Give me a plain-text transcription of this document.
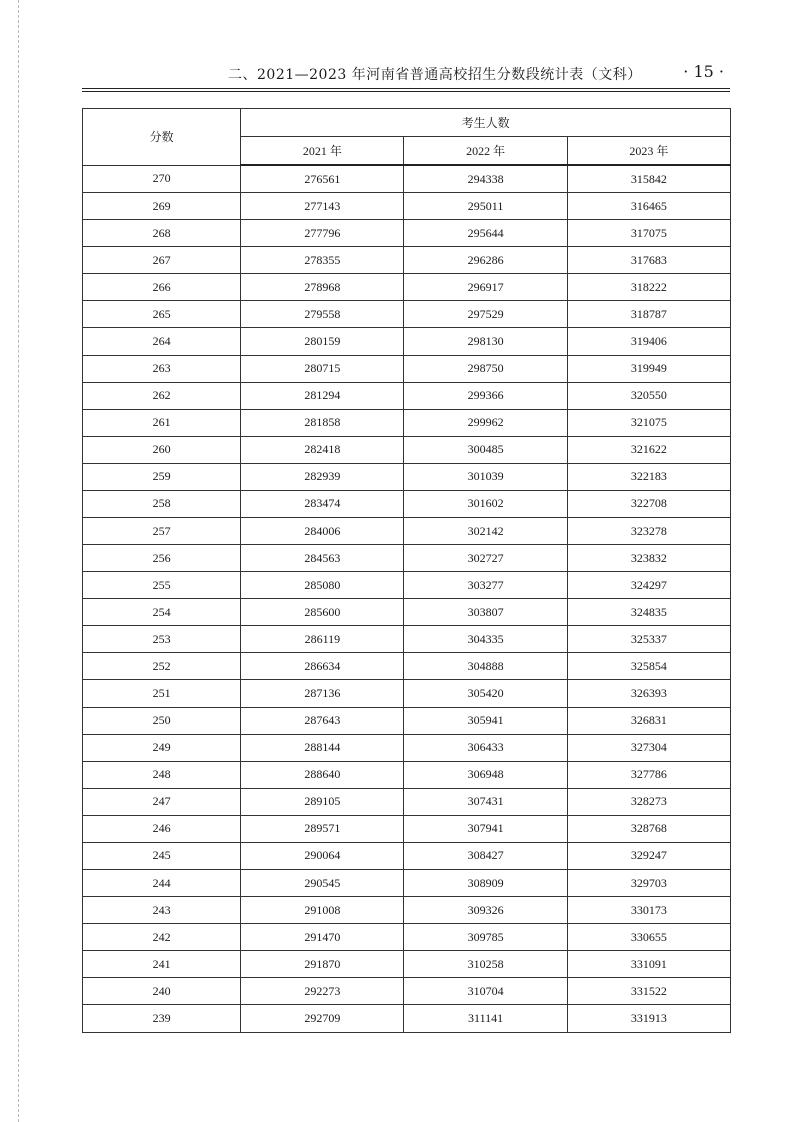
二、2021—2023 年河南省普通高校招生分数段统计表（文科）	· 15 ·
分数	考生人数		
	2021 年	2022 年	2023 年
270	276561	294338	315842
269	277143	295011	316465
268	277796	295644	317075
267	278355	296286	317683
266	278968	296917	318222
265	279558	297529	318787
264	280159	298130	319406
263	280715	298750	319949
262	281294	299366	320550
261	281858	299962	321075
260	282418	300485	321622
259	282939	301039	322183
258	283474	301602	322708
257	284006	302142	323278
256	284563	302727	323832
255	285080	303277	324297
254	285600	303807	324835
253	286119	304335	325337
252	286634	304888	325854
251	287136	305420	326393
250	287643	305941	326831
249	288144	306433	327304
248	288640	306948	327786
247	289105	307431	328273
246	289571	307941	328768
245	290064	308427	329247
244	290545	308909	329703
243	291008	309326	330173
242	291470	309785	330655
241	291870	310258	331091
240	292273	310704	331522
239	292709	311141	331913
